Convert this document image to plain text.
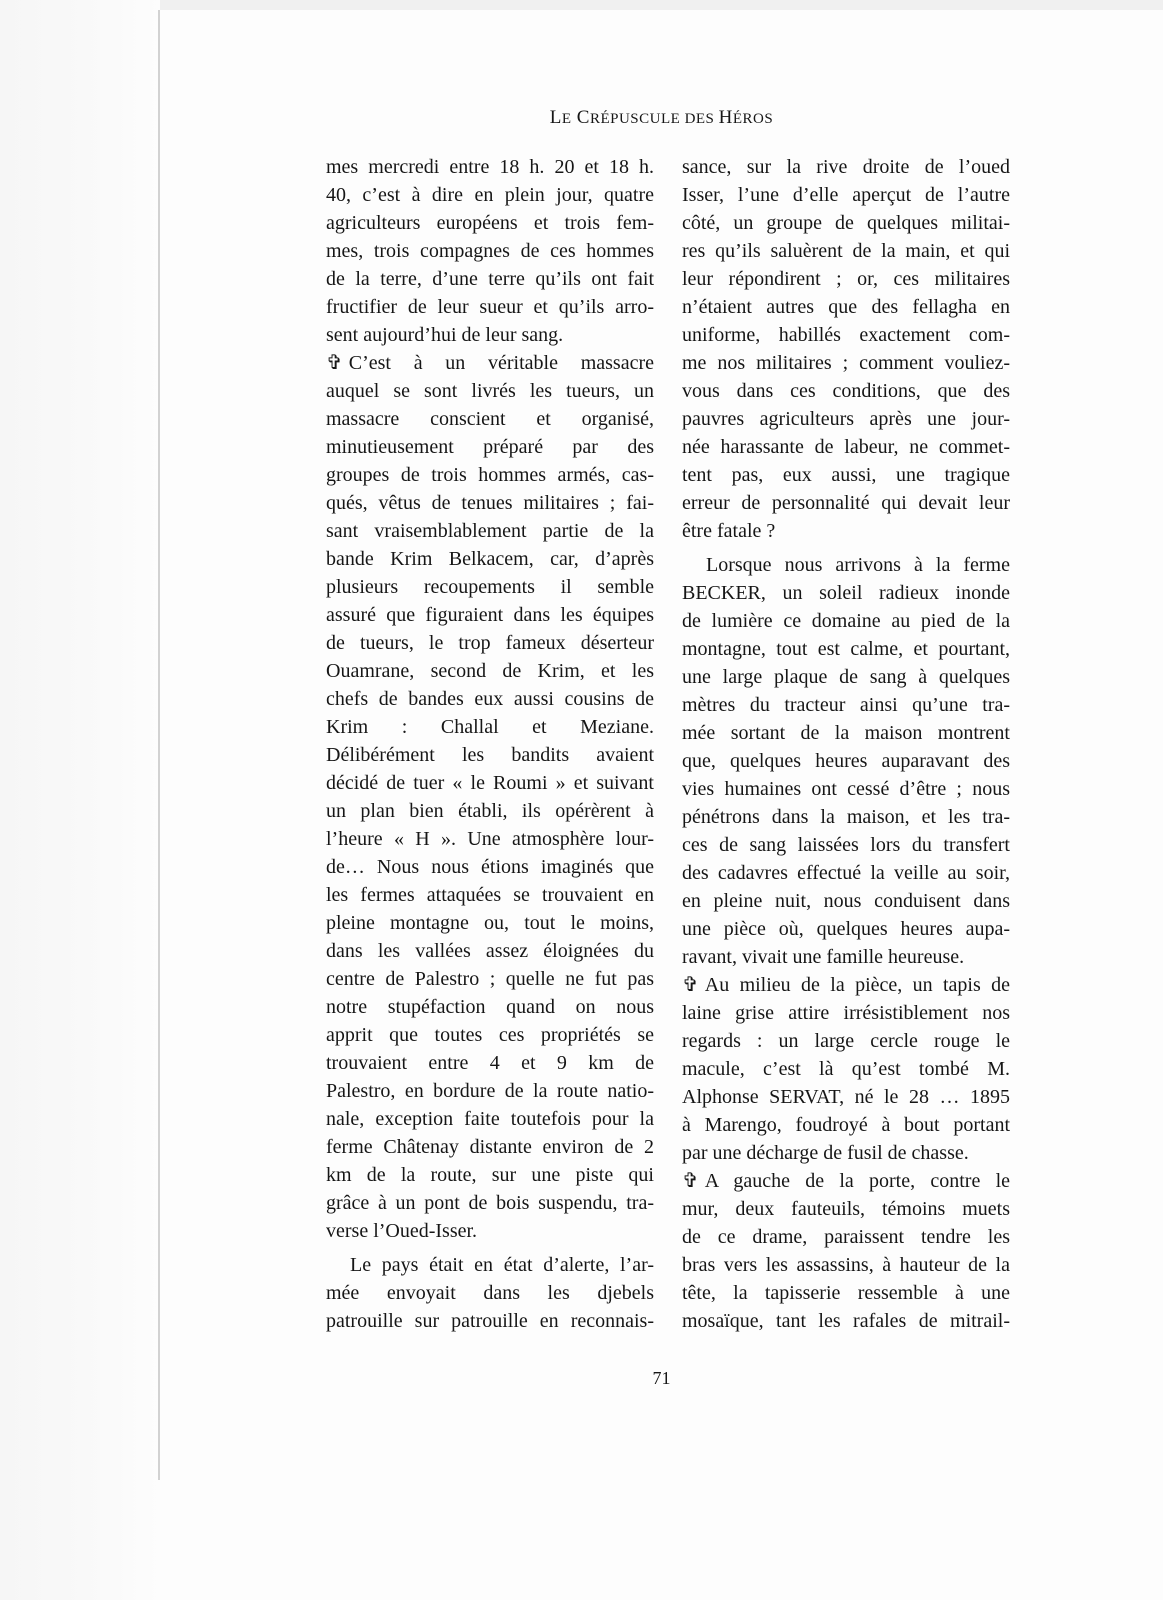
LE CRÉPUSCULE DES HÉROS
mes mercredi entre 18 h. 20 et 18 h.
40, c’est à dire en plein jour, quatre
agriculteurs européens et trois fem-
mes, trois compagnes de ces hommes
de la terre, d’une terre qu’ils ont fait
fructifier de leur sueur et qu’ils arro-
sent aujourd’hui de leur sang.
✞ C’est à un véritable massacre
auquel se sont livrés les tueurs, un
massacre conscient et organisé,
minutieusement préparé par des
groupes de trois hommes armés, cas-
qués, vêtus de tenues militaires ; fai-
sant vraisemblablement partie de la
bande Krim Belkacem, car, d’après
plusieurs recoupements il semble
assuré que figuraient dans les équipes
de tueurs, le trop fameux déserteur
Ouamrane, second de Krim, et les
chefs de bandes eux aussi cousins de
Krim : Challal et Meziane.
Délibérément les bandits avaient
décidé de tuer « le Roumi » et suivant
un plan bien établi, ils opérèrent à
l’heure « H ». Une atmosphère lour-
de… Nous nous étions imaginés que
les fermes attaquées se trouvaient en
pleine montagne ou, tout le moins,
dans les vallées assez éloignées du
centre de Palestro ; quelle ne fut pas
notre stupéfaction quand on nous
apprit que toutes ces propriétés se
trouvaient entre 4 et 9 km de
Palestro, en bordure de la route natio-
nale, exception faite toutefois pour la
ferme Châtenay distante environ de 2
km de la route, sur une piste qui
grâce à un pont de bois suspendu, tra-
verse l’Oued-Isser.
Le pays était en état d’alerte, l’ar-
mée envoyait dans les djebels
patrouille sur patrouille en reconnais-
sance, sur la rive droite de l’oued
Isser, l’une d’elle aperçut de l’autre
côté, un groupe de quelques militai-
res qu’ils saluèrent de la main, et qui
leur répondirent ; or, ces militaires
n’étaient autres que des fellagha en
uniforme, habillés exactement com-
me nos militaires ; comment vouliez-
vous dans ces conditions, que des
pauvres agriculteurs après une jour-
née harassante de labeur, ne commet-
tent pas, eux aussi, une tragique
erreur de personnalité qui devait leur
être fatale ?
Lorsque nous arrivons à la ferme
BECKER, un soleil radieux inonde
de lumière ce domaine au pied de la
montagne, tout est calme, et pourtant,
une large plaque de sang à quelques
mètres du tracteur ainsi qu’une tra-
mée sortant de la maison montrent
que, quelques heures auparavant des
vies humaines ont cessé d’être ; nous
pénétrons dans la maison, et les tra-
ces de sang laissées lors du transfert
des cadavres effectué la veille au soir,
en pleine nuit, nous conduisent dans
une pièce où, quelques heures aupa-
ravant, vivait une famille heureuse.
✞ Au milieu de la pièce, un tapis de
laine grise attire irrésistiblement nos
regards : un large cercle rouge le
macule, c’est là qu’est tombé M.
Alphonse SERVAT, né le 28 … 1895
à Marengo, foudroyé à bout portant
par une décharge de fusil de chasse.
✞ A gauche de la porte, contre le
mur, deux fauteuils, témoins muets
de ce drame, paraissent tendre les
bras vers les assassins, à hauteur de la
tête, la tapisserie ressemble à une
mosaïque, tant les rafales de mitrail-
71
